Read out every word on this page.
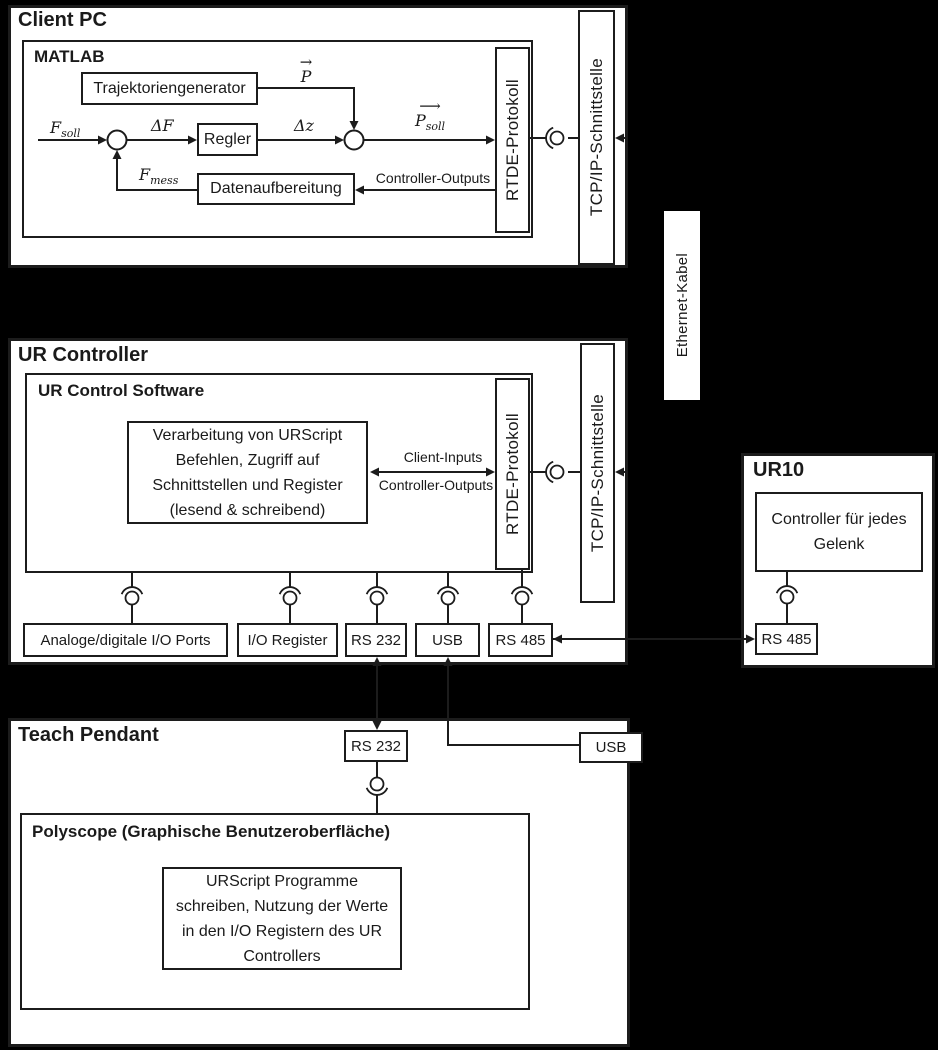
Client PC
MATLAB
Trajektoriengenerator
Regler
Datenaufbereitung	RTDE-Protokoll	TCP/IP-Schnittstelle
$F_{soll}$	ΔF	Δz
→
P
⟶
$P_{soll}$
$F_{mess}$	Controller-Outputs
Ethernet-Kabel
UR Controller
UR Control Software
Verarbeitung von URScript
Befehlen, Zugriff auf
Schnittstellen und Register
(lesend & schreibend)
Client-Inputs
Controller-Outputs RTDE-Protokoll	TCP/IP-Schnittstelle
Analoge/digitale I/O Ports I/O Register RS 232 USB RS 485
UR10
Controller für jedes
Gelenk
RS 485
Teach Pendant	RS 232	USB
Polyscope (Graphische Benutzeroberfläche)
URScript Programme
schreiben, Nutzung der Werte
in den I/O Registern des UR
Controllers
